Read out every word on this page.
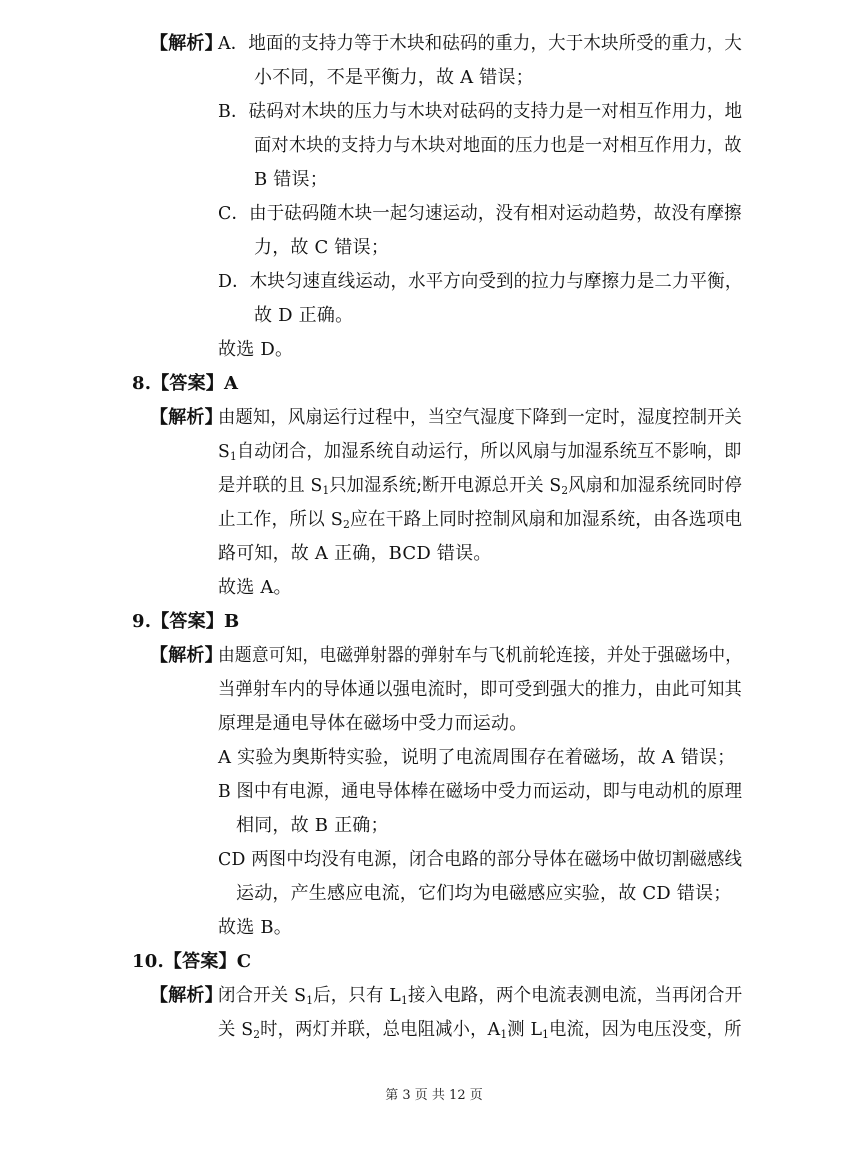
【解析】
A．地面的支持力等于木块和砝码的重力，大于木块所受的重力，大
小不同，不是平衡力，故 A 错误；
B．砝码对木块的压力与木块对砝码的支持力是一对相互作用力，地
面对木块的支持力与木块对地面的压力也是一对相互作用力，故
B 错误；
C．由于砝码随木块一起匀速运动，没有相对运动趋势，故没有摩擦
力，故 C 错误；
D．木块匀速直线运动，水平方向受到的拉力与摩擦力是二力平衡，
故 D 正确。
故选 D。
8.【答案】A
【解析】
由题知，风扇运行过程中，当空气湿度下降到一定时，湿度控制开关
$S_1$自动闭合，加湿系统自动运行，所以风扇与加湿系统互不影响，即
是并联的且 $S_1$只加湿系统;断开电源总开关 $S_2$风扇和加湿系统同时停
止工作，所以 $S_2$应在干路上同时控制风扇和加湿系统，由各选项电
路可知，故 A 正确，BCD 错误。
故选 A。
9.【答案】B
【解析】
由题意可知，电磁弹射器的弹射车与飞机前轮连接，并处于强磁场中，
当弹射车内的导体通以强电流时，即可受到强大的推力，由此可知其
原理是通电导体在磁场中受力而运动。
A 实验为奥斯特实验，说明了电流周围存在着磁场，故 A 错误；
B 图中有电源，通电导体棒在磁场中受力而运动，即与电动机的原理
相同，故 B 正确；
CD 两图中均没有电源，闭合电路的部分导体在磁场中做切割磁感线
运动，产生感应电流，它们均为电磁感应实验，故 CD 错误；
故选 B。
10.【答案】C
【解析】
闭合开关 $S_1$后，只有 $L_1$接入电路，两个电流表测电流，当再闭合开
关 $S_2$时，两灯并联，总电阻减小，$A_1$测 $L_1$电流，因为电压没变，所
第 3 页 共 12 页
